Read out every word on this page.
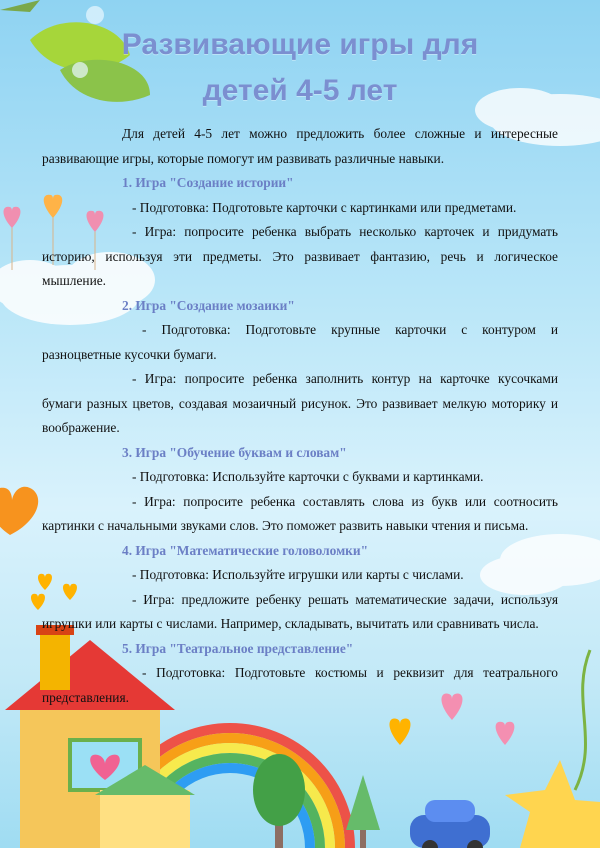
Развивающие игры для
детей 4-5 лет

Для детей 4-5 лет можно предложить более сложные и интересные развивающие игры, которые помогут им развивать различные навыки.

1. Игра "Создание истории"

- Подготовка: Подготовьте карточки с картинками или предметами.

- Игра: попросите ребенка выбрать несколько карточек и придумать историю, используя эти предметы. Это развивает фантазию, речь и логическое мышление.

2. Игра "Создание мозаики"

- Подготовка: Подготовьте крупные карточки с контуром и разноцветные кусочки бумаги.

- Игра: попросите ребенка заполнить контур на карточке кусочками бумаги разных цветов, создавая мозаичный рисунок. Это развивает мелкую моторику и воображение.

3. Игра "Обучение буквам и словам"

- Подготовка: Используйте карточки с буквами и картинками.

- Игра: попросите ребенка составлять слова из букв или соотносить картинки с начальными звуками слов. Это поможет развить навыки чтения и письма.

4. Игра "Математические головоломки"

- Подготовка: Используйте игрушки или карты с числами.

- Игра: предложите ребенку решать математические задачи, используя игрушки или карты с числами. Например, складывать, вычитать или сравнивать числа.

5. Игра "Театральное представление"

- Подготовка: Подготовьте костюмы и реквизит для театрального представления.
